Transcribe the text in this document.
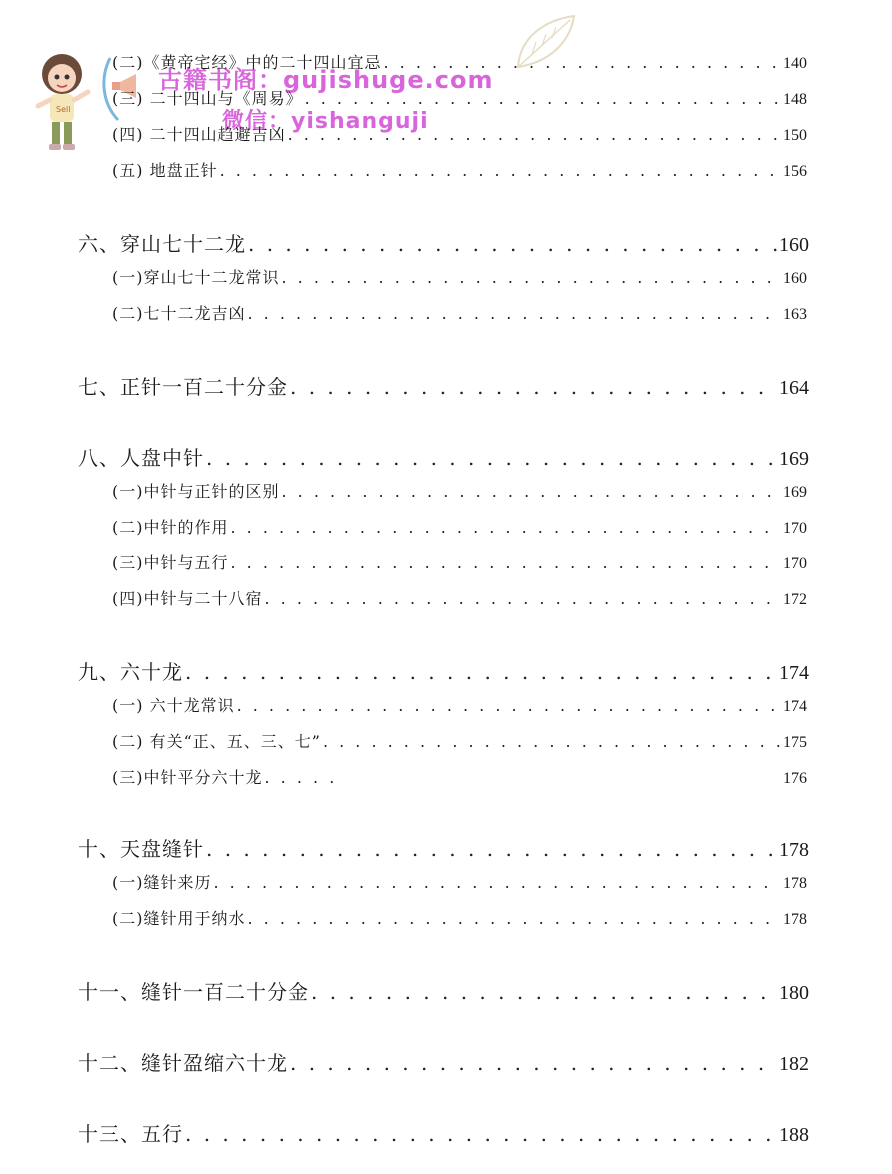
Sell
古籍书阁：gujishuge.com
微信：yishanguji
(二)《黄帝宅经》中的二十四山宜忌 . . .	140
(三) 二十四山与《周易》 . . .	148
(四) 二十四山趋避吉凶 . . .	150
(五) 地盘正针 . . .	156
六、穿山七十二龙 . . .	160
(一)穿山七十二龙常识 . . .	160
(二)七十二龙吉凶 . . .	163
七、正针一百二十分金 . . .	164
八、人盘中针 . . .	169
(一)中针与正针的区别 . . .	169
(二)中针的作用 . . .	170
(三)中针与五行 . . .	170
(四)中针与二十八宿 . . .	172
九、六十龙 . . .	174
(一) 六十龙常识 . . .	174
(二) 有关“正、五、三、七” . . .	175
(三)中针平分六十龙 . . .	176
十、天盘缝针 . . .	178
(一)缝针来历 . . .	178
(二)缝针用于纳水 . . .	178
十一、缝针一百二十分金 . . .	180
十二、缝针盈缩六十龙 . . .	182
十三、五行 . . .	188
